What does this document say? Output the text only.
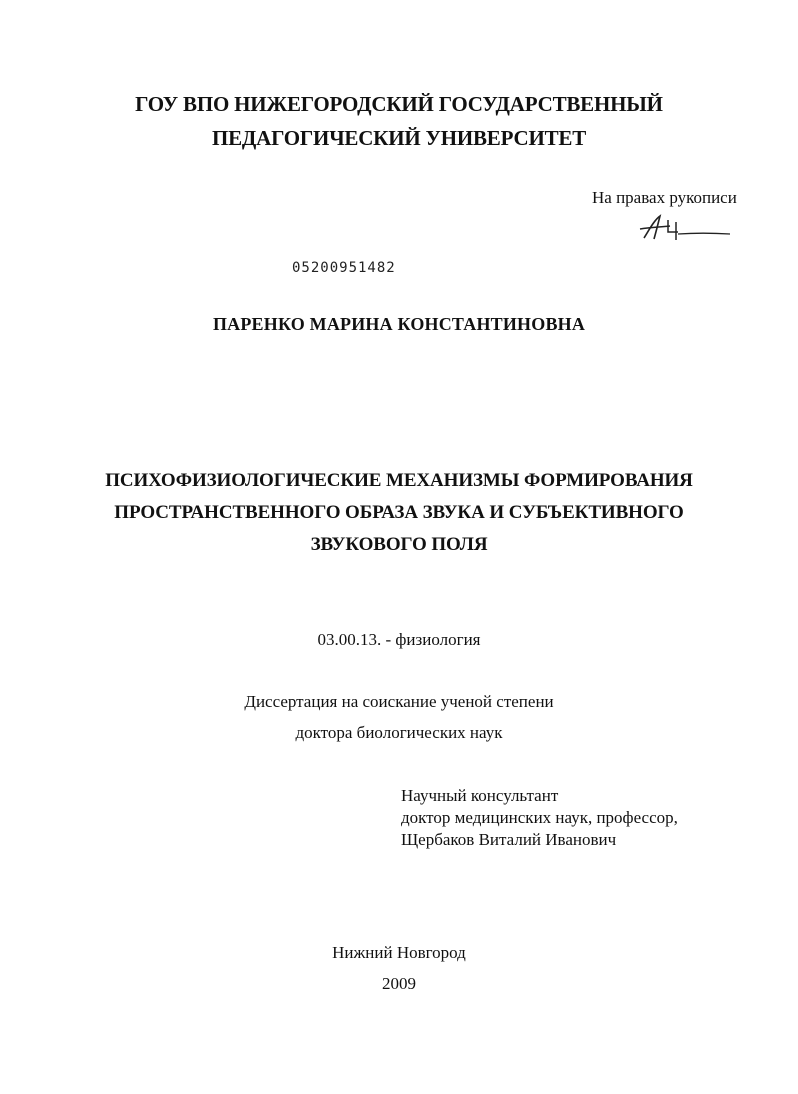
ГОУ ВПО НИЖЕГОРОДСКИЙ ГОСУДАРСТВЕННЫЙ
ПЕДАГОГИЧЕСКИЙ УНИВЕРСИТЕТ
На правах рукописи
05200951482
ПАРЕНКО МАРИНА КОНСТАНТИНОВНА
ПСИХОФИЗИОЛОГИЧЕСКИЕ МЕХАНИЗМЫ ФОРМИРОВАНИЯ
ПРОСТРАНСТВЕННОГО ОБРАЗА ЗВУКА И СУБЪЕКТИВНОГО
ЗВУКОВОГО ПОЛЯ
03.00.13. - физиология
Диссертация на соискание ученой степени
доктора биологических наук
Научный консультант
доктор медицинских наук, профессор,
Щербаков Виталий Иванович
Нижний Новгород
2009
